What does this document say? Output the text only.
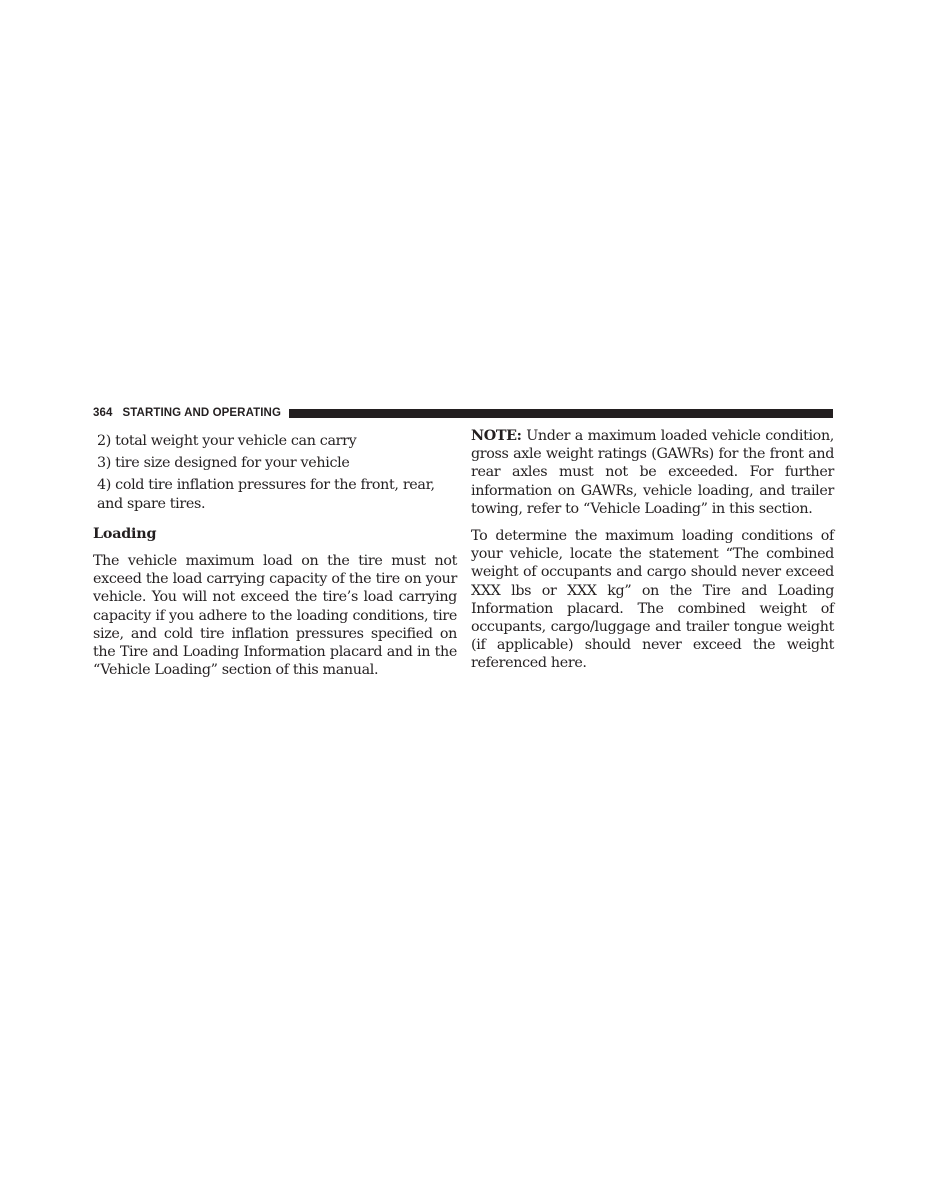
364 STARTING AND OPERATING

2) total weight your vehicle can carry

3) tire size designed for your vehicle

4) cold tire inflation pressures for the front, rear, and spare tires.

Loading

The vehicle maximum load on the tire must not exceed the load carrying capacity of the tire on your vehicle. You will not exceed the tire’s load carrying capacity if you adhere to the loading conditions, tire size, and cold tire inflation pressures specified on the Tire and Loading Information placard and in the “Vehicle Loading” section of this manual.

NOTE: Under a maximum loaded vehicle condition, gross axle weight ratings (GAWRs) for the front and rear axles must not be exceeded. For further information on GAWRs, vehicle loading, and trailer towing, refer to “Vehicle Loading” in this section.

To determine the maximum loading conditions of your vehicle, locate the statement “The combined weight of occupants and cargo should never exceed XXX lbs or XXX kg” on the Tire and Loading Information placard. The combined weight of occupants, cargo/luggage and trailer tongue weight (if applicable) should never exceed the weight referenced here.
